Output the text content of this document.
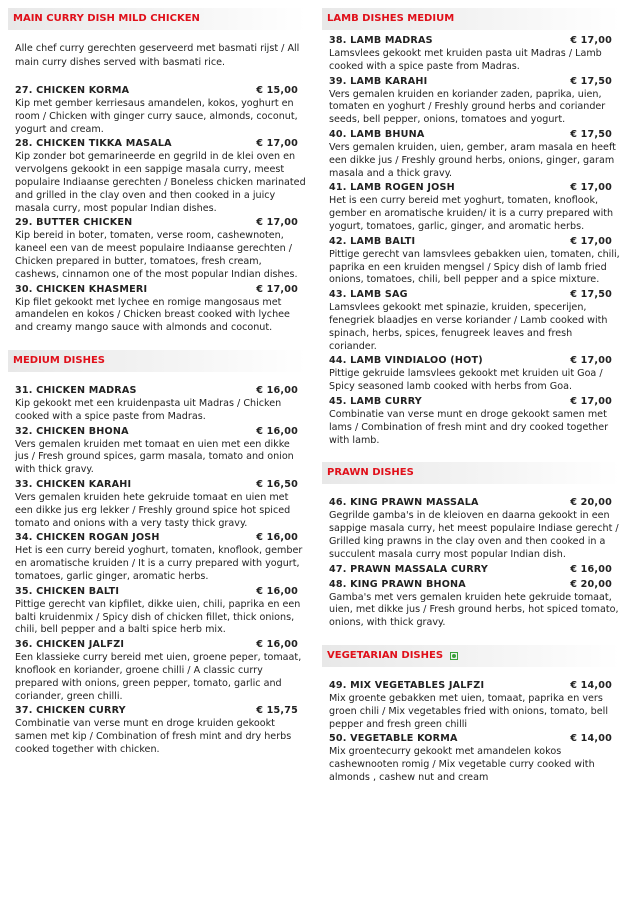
MAIN CURRY DISH MILD CHICKEN
Alle chef curry gerechten geserveerd met basmati rijst / All main curry dishes served with basmati rice.
27. CHICKEN KORMA	€ 15,00
Kip met gember kerriesaus amandelen, kokos, yoghurt en room / Chicken with ginger curry sauce, almonds, coconut, yogurt and cream.
28. CHICKEN TIKKA MASALA	€ 17,00
Kip zonder bot gemarineerde en gegrild in de klei oven en vervolgens gekookt in een sappige masala curry, meest populaire Indiaanse gerechten / Boneless chicken marinated and grilled in the clay oven and then cooked in a juicy masala curry, most popular Indian dishes.
29. BUTTER CHICKEN	€ 17,00
Kip bereid in boter, tomaten, verse room, cashewnoten, kaneel een van de meest populaire Indiaanse gerechten / Chicken prepared in butter, tomatoes, fresh cream, cashews, cinnamon one of the most popular Indian dishes.
30. CHICKEN KHASMERI	€ 17,00
Kip filet gekookt met lychee en romige mangosaus met amandelen en kokos / Chicken breast cooked with lychee and creamy mango sauce with almonds and coconut.
MEDIUM DISHES
31. CHICKEN MADRAS	€ 16,00
Kip gekookt met een kruidenpasta uit Madras / Chicken cooked with a spice paste from Madras.
32. CHICKEN BHONA	€ 16,00
Vers gemalen kruiden met tomaat en uien met een dikke jus / Fresh ground spices, garm masala, tomato and onion with thick gravy.
33. CHICKEN KARAHI	€ 16,50
Vers gemalen kruiden hete gekruide tomaat en uien met een dikke jus erg lekker / Freshly ground spice hot spiced tomato and onions with a very tasty thick gravy.
34. CHICKEN ROGAN JOSH	€ 16,00
Het is een curry bereid yoghurt, tomaten, knoflook, gember en aromatische kruiden / It is a curry prepared with yogurt, tomatoes, garlic ginger, aromatic herbs.
35. CHICKEN BALTI	€ 16,00
Pittige gerecht van kipfilet, dikke uien, chili, paprika en een balti kruidenmix / Spicy dish of chicken fillet, thick onions, chili, bell pepper and a balti spice herb mix.
36. CHICKEN JALFZI	€ 16,00
Een klassieke curry bereid met uien, groene peper, tomaat, knoflook en koriander, groene chilli / A classic curry prepared with onions, green pepper, tomato, garlic and coriander, green chilli.
37. CHICKEN CURRY	€ 15,75
Combinatie van verse munt en droge kruiden gekookt samen met kip / Combination of fresh mint and dry herbs cooked together with chicken.
LAMB DISHES MEDIUM
38. LAMB MADRAS	€ 17,00
Lamsvlees gekookt met kruiden pasta uit Madras / Lamb cooked with a spice paste from Madras.
39. LAMB KARAHI	€ 17,50
Vers gemalen kruiden en koriander zaden, paprika, uien, tomaten en yoghurt / Freshly ground herbs and coriander seeds, bell pepper, onions, tomatoes and yogurt.
40. LAMB BHUNA	€ 17,50
Vers gemalen kruiden, uien, gember, aram masala en heeft een dikke jus / Freshly ground herbs, onions, ginger, garam masala and a thick gravy.
41. LAMB ROGEN JOSH	€ 17,00
Het is een curry bereid met yoghurt, tomaten, knoflook, gember en aromatische kruiden/ it is a curry prepared with yogurt, tomatoes, garlic, ginger, and aromatic herbs.
42. LAMB BALTI	€ 17,00
Pittige gerecht van lamsvlees gebakken uien, tomaten, chili, paprika en een kruiden mengsel / Spicy dish of lamb fried onions, tomatoes, chili, bell pepper and a spice mixture.
43. LAMB SAG	€ 17,50
Lamsvlees gekookt met spinazie, kruiden, specerijen, fenegriek blaadjes en verse koriander / Lamb cooked with spinach, herbs, spices, fenugreek leaves and fresh coriander.
44. LAMB VINDIALOO (HOT)	€ 17,00
Pittige gekruide lamsvlees gekookt met kruiden uit Goa / Spicy seasoned lamb cooked with herbs from Goa.
45. LAMB CURRY	€ 17,00
Combinatie van verse munt en droge gekookt samen met lams / Combination of fresh mint and dry cooked together with lamb.
PRAWN DISHES
46. KING PRAWN MASSALA	€ 20,00
Gegrilde gamba's in de kleioven en daarna gekookt in een sappige masala curry, het meest populaire Indiase gerecht / Grilled king prawns in the clay oven and then cooked in a succulent masala curry most popular Indian dish.
47. PRAWN MASSALA CURRY	€ 16,00
48. KING PRAWN BHONA	€ 20,00
Gamba's met vers gemalen kruiden hete gekruide tomaat, uien, met dikke jus / Fresh ground herbs, hot spiced tomato, onions, with thick gravy.
VEGETARIAN DISHES
49. MIX VEGETABLES JALFZI	€ 14,00
Mix groente gebakken met uien, tomaat, paprika en vers groen chili / Mix vegetables fried with onions, tomato, bell pepper and fresh green chilli
50. VEGETABLE KORMA	€ 14,00
Mix groentecurry gekookt met amandelen kokos cashewnooten romig / Mix vegetable curry cooked with almonds , cashew nut and cream
